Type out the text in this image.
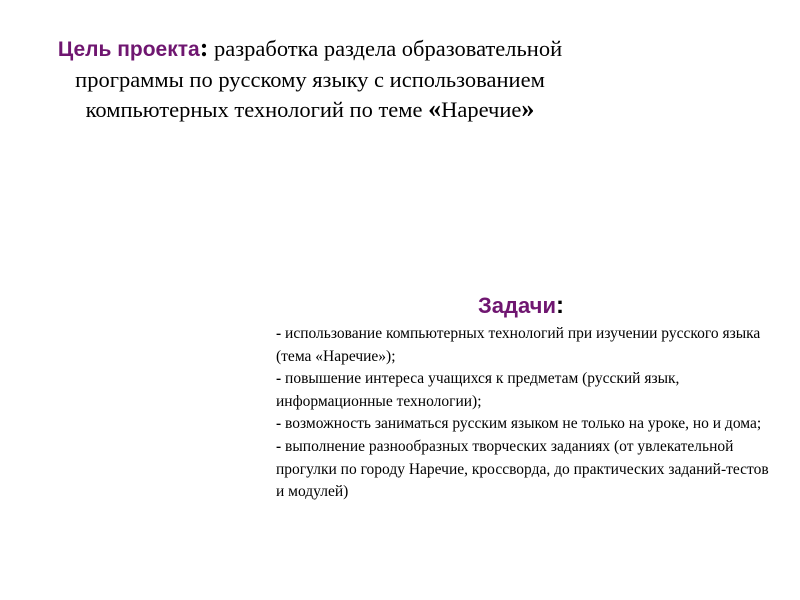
Цель проекта: разработка раздела образовательной программы по русскому языку с использованием компьютерных технологий по теме «Наречие»
Задачи:
- использование компьютерных технологий при изучении русского языка (тема «Наречие»);
- повышение интереса учащихся к предметам (русский язык, информационные технологии);
- возможность заниматься русским языком не только на уроке, но и дома;
- выполнение разнообразных творческих заданиях (от увлекательной прогулки по городу Наречие, кроссворда, до практических заданий-тестов и модулей)
